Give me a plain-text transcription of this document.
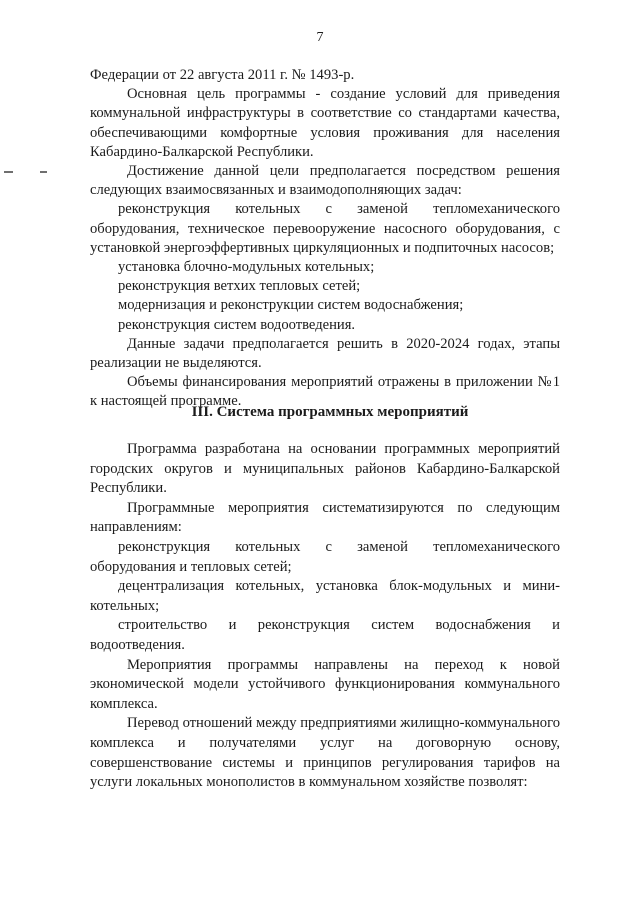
7

Федерации от 22 августа 2011 г. № 1493-р.

Основная цель программы - создание условий для приведения коммунальной инфраструктуры в соответствие со стандартами качества, обеспечивающими комфортные условия проживания для населения Кабардино-Балкарской Республики.

Достижение данной цели предполагается посредством решения следующих взаимосвязанных и взаимодополняющих задач:

реконструкция котельных с заменой тепломеханического оборудования, техническое перевооружение насосного оборудования, с установкой энергоэффертивных циркуляционных и подпиточных насосов;

установка блочно-модульных котельных;

реконструкция ветхих тепловых сетей;

модернизация и реконструкции систем водоснабжения;

реконструкция систем водоотведения.

Данные задачи предполагается решить в 2020-2024 годах, этапы реализации не выделяются.

Объемы финансирования мероприятий отражены в приложении №1 к настоящей программе.

III. Система программных мероприятий

Программа разработана на основании программных мероприятий городских округов и муниципальных районов Кабардино-Балкарской Республики.

Программные мероприятия систематизируются по следующим направлениям:

реконструкция котельных с заменой тепломеханического оборудования и тепловых сетей;

децентрализация котельных, установка блок-модульных и мини-котельных;

строительство и реконструкция систем водоснабжения и водоотведения.

Мероприятия программы направлены на переход к новой экономической модели устойчивого функционирования коммунального комплекса.

Перевод отношений между предприятиями жилищно-коммунального комплекса и получателями услуг на договорную основу, совершенствование системы и принципов регулирования тарифов на услуги локальных монополистов в коммунальном хозяйстве позволят:
